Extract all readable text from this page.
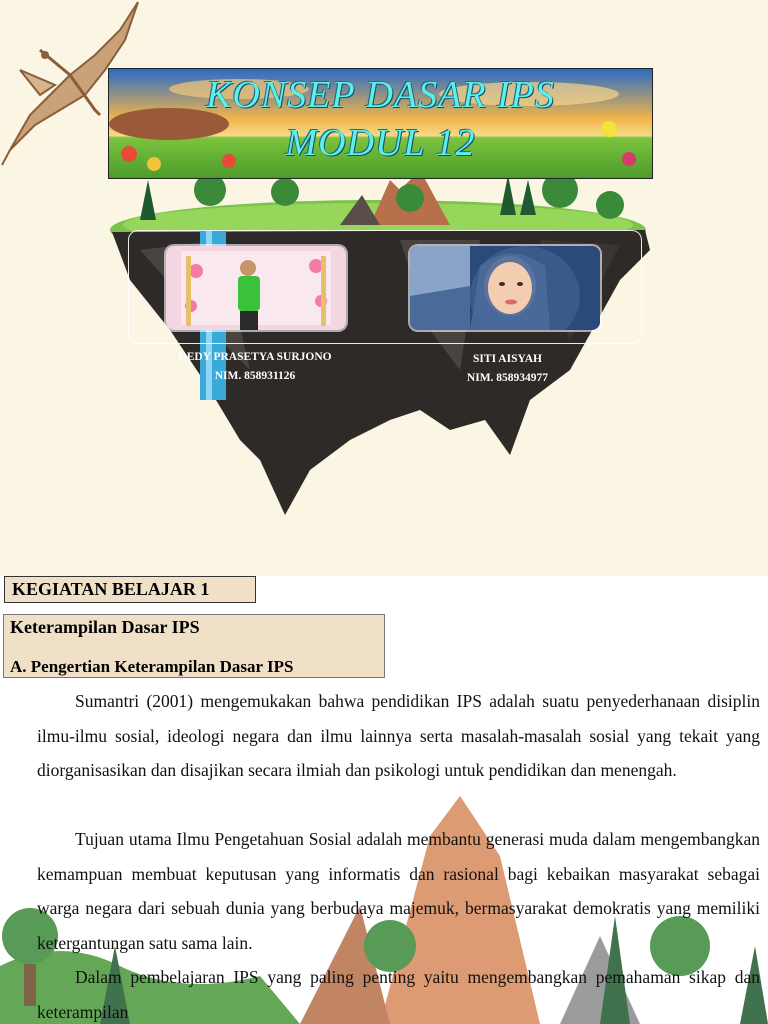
KONSEP DASAR IPS
MODUL 12
DEDY PRASETYA SURJONO
NIM. 858931126
SITI AISYAH
NIM. 858934977
KEGIATAN BELAJAR 1
Keterampilan Dasar IPS
A. Pengertian Keterampilan Dasar IPS
Sumantri (2001) mengemukakan bahwa pendidikan IPS adalah suatu penyederhanaan disiplin ilmu-ilmu sosial, ideologi negara dan ilmu lainnya serta masalah-masalah sosial yang tekait yang diorganisasikan dan disajikan secara ilmiah dan psikologi untuk pendidikan dan menengah.
Tujuan utama Ilmu Pengetahuan Sosial adalah membantu generasi muda dalam mengembangkan kemampuan membuat keputusan yang informatis dan rasional bagi kebaikan masyarakat sebagai warga negara dari sebuah dunia yang berbudaya majemuk, bermasyarakat demokratis yang memiliki ketergantungan satu sama lain.
Dalam pembelajaran IPS yang paling penting yaitu mengembangkan pemahaman sikap dan keterampilan
